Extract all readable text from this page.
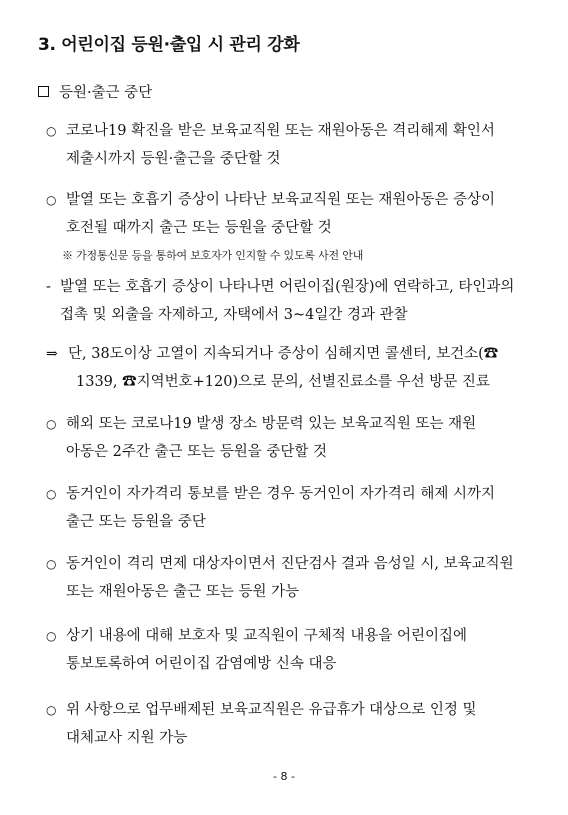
3. 어린이집 등원·출입 시 관리 강화
등원·출근 중단
○ 코로나19 확진을 받은 보육교직원 또는 재원아동은 격리해제 확인서
제출시까지 등원·출근을 중단할 것
○ 발열 또는 호흡기 증상이 나타난 보육교직원 또는 재원아동은 증상이
호전될 때까지 출근 또는 등원을 중단할 것
※ 가정통신문 등을 통하여 보호자가 인지할 수 있도록 사전 안내
- 발열 또는 호흡기 증상이 나타나면 어린이집(원장)에 연락하고, 타인과의
접촉 및 외출을 자제하고, 자택에서 3~4일간 경과 관찰
⇒ 단, 38도이상 고열이 지속되거나 증상이 심해지면 콜센터, 보건소(☎
1339, ☎지역번호+120)으로 문의, 선별진료소를 우선 방문 진료
○ 해외 또는 코로나19 발생 장소 방문력 있는 보육교직원 또는 재원
아동은 2주간 출근 또는 등원을 중단할 것
○ 동거인이 자가격리 통보를 받은 경우 동거인이 자가격리 해제 시까지
출근 또는 등원을 중단
○ 동거인이 격리 면제 대상자이면서 진단검사 결과 음성일 시, 보육교직원
또는 재원아동은 출근 또는 등원 가능
○ 상기 내용에 대해 보호자 및 교직원이 구체적 내용을 어린이집에
통보토록하여 어린이집 감염예방 신속 대응
○ 위 사항으로 업무배제된 보육교직원은 유급휴가 대상으로 인정 및
대체교사 지원 가능
- 8 -
